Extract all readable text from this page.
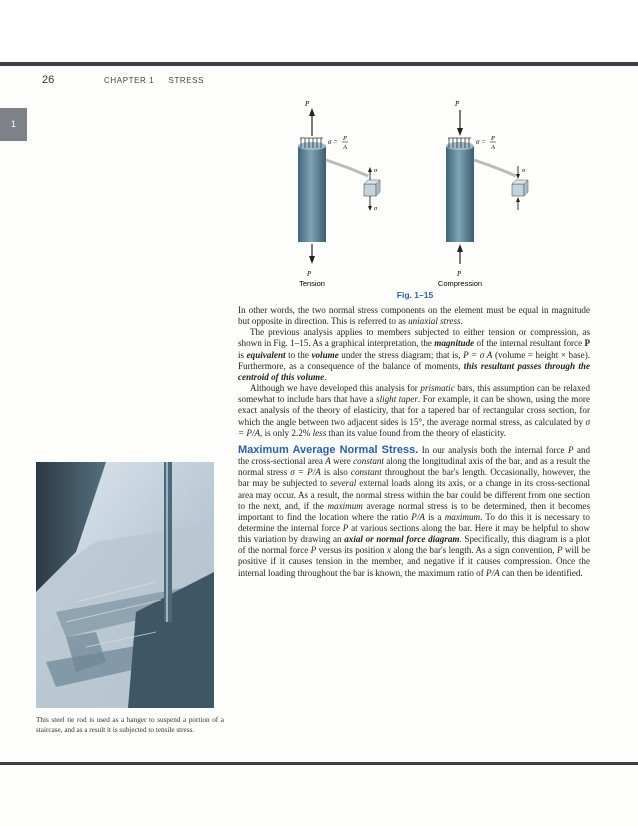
26	CHAPTER 1 STRESS
1
P
σ = P
A
σ
σ
P
Tension
P
σ = P
A
σ
P
Compression
Fig. 1–15

In other words, the two normal stress components on the element must be equal in magnitude but opposite in direction. This is referred to as uniaxial stress.

The previous analysis applies to members subjected to either tension or compression, as shown in Fig. 1–15. As a graphical interpretation, the magnitude of the internal resultant force P is equivalent to the volume under the stress diagram; that is, P = σ A (volume = height × base). Furthermore, as a consequence of the balance of moments, this resultant passes through the centroid of this volume.

Although we have developed this analysis for prismatic bars, this assumption can be relaxed somewhat to include bars that have a slight taper. For example, it can be shown, using the more exact analysis of the theory of elasticity, that for a tapered bar of rectangular cross section, for which the angle between two adjacent sides is 15°, the average normal stress, as calculated by σ = P/A, is only 2.2% less than its value found from the theory of elasticity.

Maximum Average Normal Stress. In our analysis both the internal force P and the cross-sectional area A were constant along the longitudinal axis of the bar, and as a result the normal stress σ = P/A is also constant throughout the bar's length. Occasionally, however, the bar may be subjected to several external loads along its axis, or a change in its cross-sectional area may occur. As a result, the normal stress within the bar could be different from one section to the next, and, if the maximum average normal stress is to be determined, then it becomes important to find the location where the ratio P/A is a maximum. To do this it is necessary to determine the internal force P at various sections along the bar. Here it may be helpful to show this variation by drawing an axial or normal force diagram. Specifically, this diagram is a plot of the normal force P versus its position x along the bar's length. As a sign convention, P will be positive if it causes tension in the member, and negative if it causes compression. Once the internal loading throughout the bar is known, the maximum ratio of P/A can then be identified.

This steel tie rod is used as a hanger to suspend a portion of a staircase, and as a result it is subjected to tensile stress.
